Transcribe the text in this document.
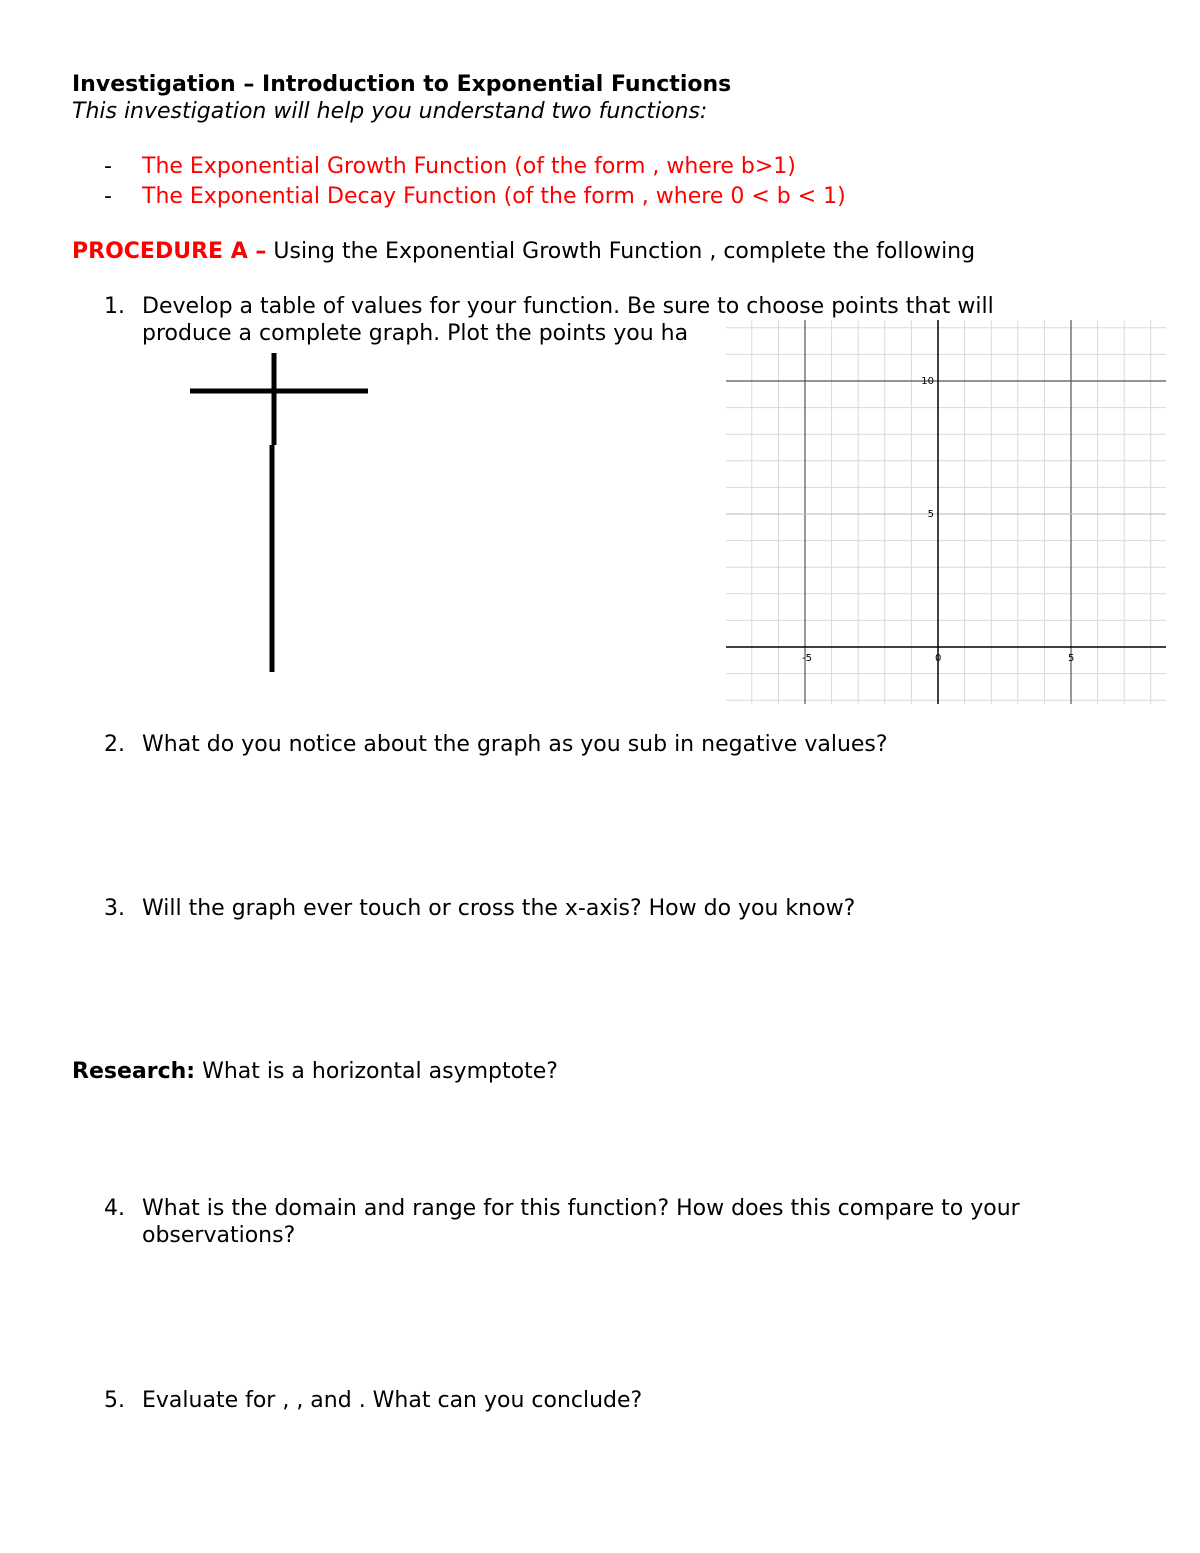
Investigation – Introduction to Exponential Functions
This investigation will help you understand two functions:
- The Exponential Growth Function (of the form , where b>1)
- The Exponential Decay Function (of the form , where 0 < b < 1)
PROCEDURE A – Using the Exponential Growth Function , complete the following
1. Develop a table of values for your function. Be sure to choose points that will
produce a complete graph. Plot the points you ha
-5	0	5
5
10
2. What do you notice about the graph as you sub in negative values?
3. Will the graph ever touch or cross the x-axis? How do you know?
Research: What is a horizontal asymptote?
4. What is the domain and range for this function? How does this compare to your
observations?
5. Evaluate for , , and . What can you conclude?
